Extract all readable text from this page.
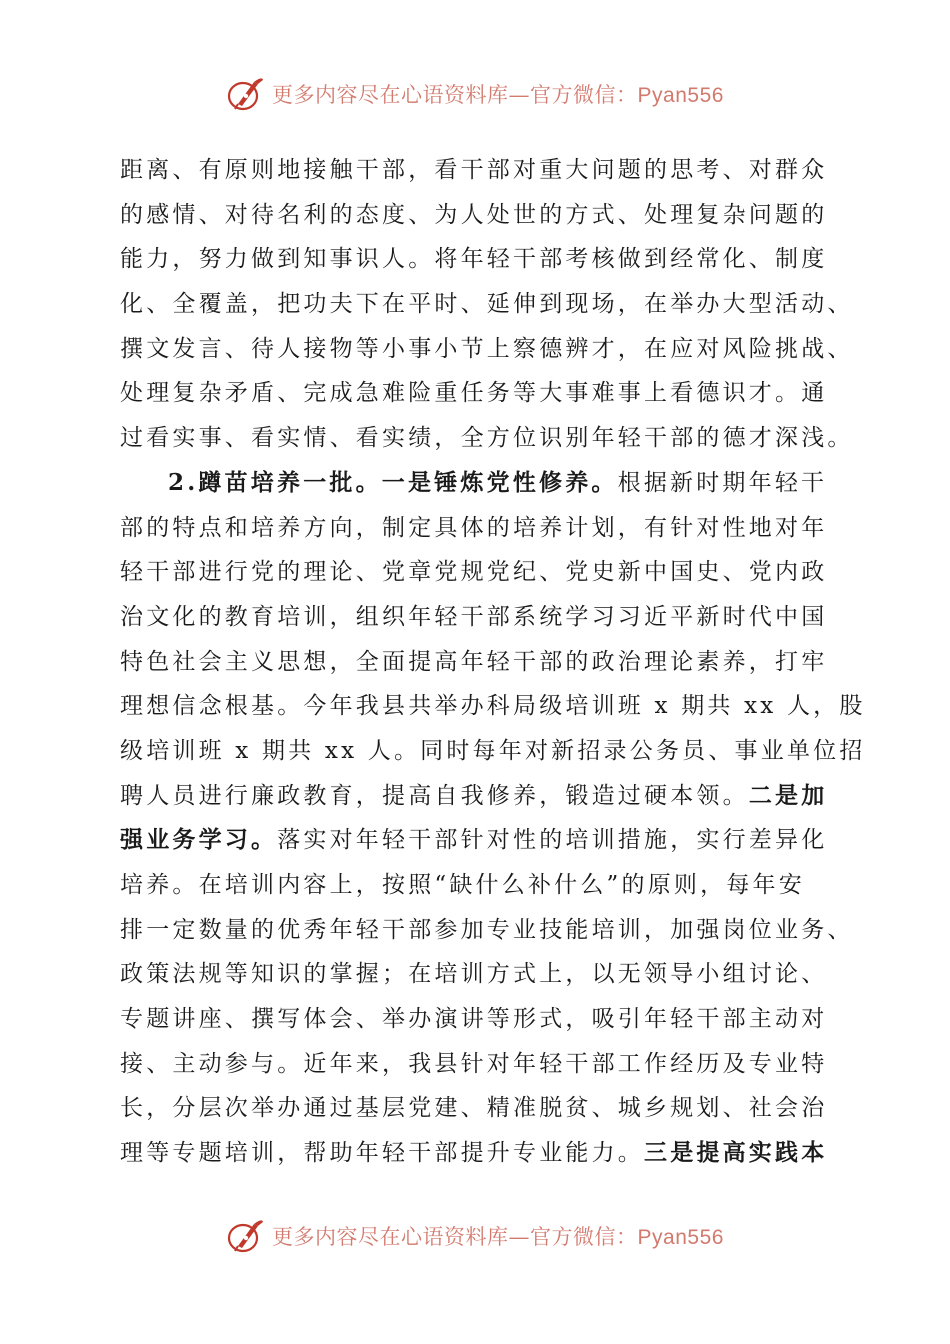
更多内容尽在心语资料库—官方微信：Pyan556
距离、有原则地接触干部，看干部对重大问题的思考、对群众
的感情、对待名利的态度、为人处世的方式、处理复杂问题的
能力，努力做到知事识人。将年轻干部考核做到经常化、制度
化、全覆盖，把功夫下在平时、延伸到现场，在举办大型活动、
撰文发言、待人接物等小事小节上察德辨才，在应对风险挑战、
处理复杂矛盾、完成急难险重任务等大事难事上看德识才。通
过看实事、看实情、看实绩，全方位识别年轻干部的德才深浅。
2.蹲苗培养一批。一是锤炼党性修养。根据新时期年轻干
部的特点和培养方向，制定具体的培养计划，有针对性地对年
轻干部进行党的理论、党章党规党纪、党史新中国史、党内政
治文化的教育培训，组织年轻干部系统学习习近平新时代中国
特色社会主义思想，全面提高年轻干部的政治理论素养，打牢
理想信念根基。今年我县共举办科局级培训班 x 期共 xx 人，股
级培训班 x 期共 xx 人。同时每年对新招录公务员、事业单位招
聘人员进行廉政教育，提高自我修养，锻造过硬本领。二是加
强业务学习。落实对年轻干部针对性的培训措施，实行差异化
培养。在培训内容上，按照“缺什么补什么”的原则，每年安
排一定数量的优秀年轻干部参加专业技能培训，加强岗位业务、
政策法规等知识的掌握；在培训方式上，以无领导小组讨论、
专题讲座、撰写体会、举办演讲等形式，吸引年轻干部主动对
接、主动参与。近年来，我县针对年轻干部工作经历及专业特
长，分层次举办通过基层党建、精准脱贫、城乡规划、社会治
理等专题培训，帮助年轻干部提升专业能力。三是提高实践本
更多内容尽在心语资料库—官方微信：Pyan556
